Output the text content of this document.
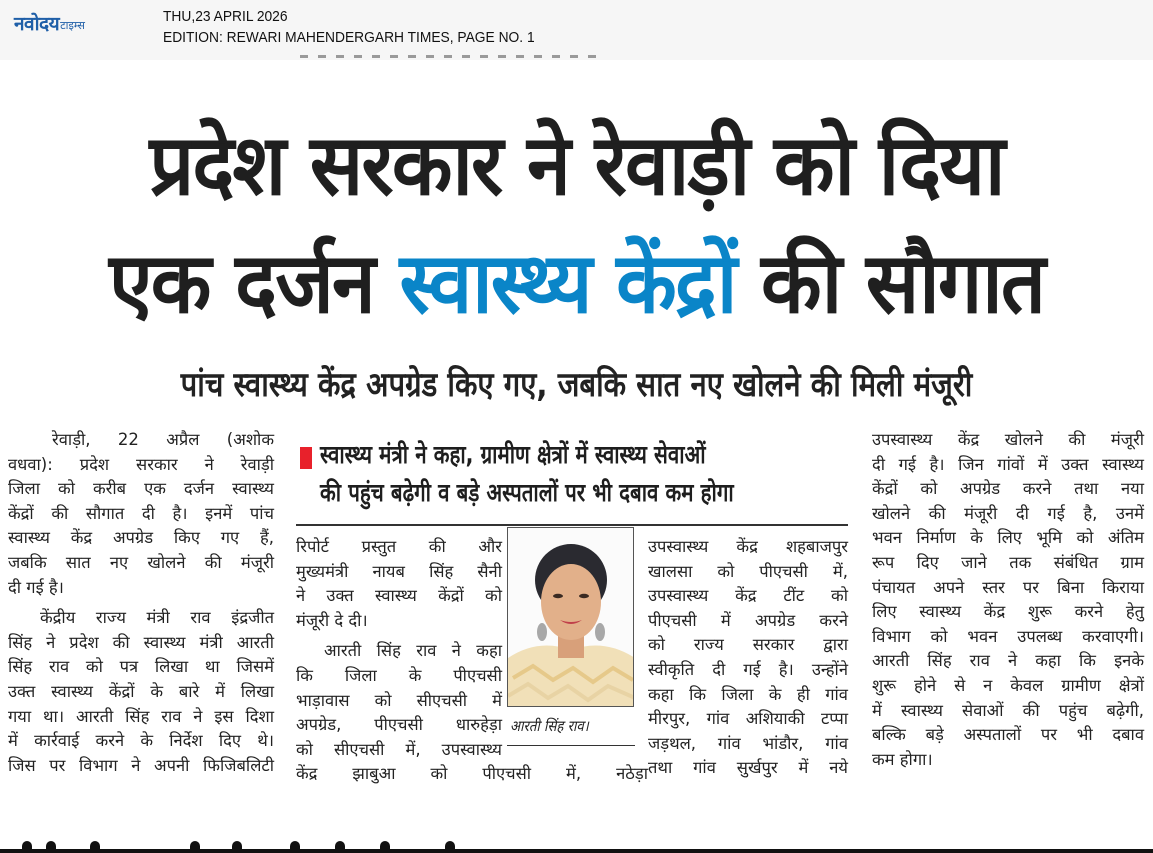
नवोदय टाइम्स
THU,23 APRIL 2026
EDITION: REWARI MAHENDERGARH TIMES, PAGE NO. 1
प्रदेश सरकार ने रेवाड़ी को दिया
एक दर्जन स्वास्थ्य केंद्रों की सौगात
पांच स्वास्थ्य केंद्र अपग्रेड किए गए, जबकि सात नए खोलने की मिली मंजूरी
रेवाड़ी, 22 अप्रैल (अशोक
वधवा): प्रदेश सरकार ने रेवाड़ी
जिला को करीब एक दर्जन स्वास्थ्य
केंद्रों की सौगात दी है। इनमें पांच
स्वास्थ्य केंद्र अपग्रेड किए गए हैं,
जबकि सात नए खोलने की मंजूरी
दी गई है।
केंद्रीय राज्य मंत्री राव इंद्रजीत
सिंह ने प्रदेश की स्वास्थ्य मंत्री आरती
सिंह राव को पत्र लिखा था जिसमें
उक्त स्वास्थ्य केंद्रों के बारे में लिखा
गया था। आरती सिंह राव ने इस दिशा
में कार्रवाई करने के निर्देश दिए थे।
जिस पर विभाग ने अपनी फिजिबलिटी
स्वास्थ्य मंत्री ने कहा, ग्रामीण क्षेत्रों में स्वास्थ्य सेवाओं
की पहुंच बढ़ेगी व बड़े अस्पतालों पर भी दबाव कम होगा
रिपोर्ट प्रस्तुत की और
मुख्यमंत्री नायब सिंह सैनी
ने उक्त स्वास्थ्य केंद्रों को
मंजूरी दे दी।
आरती सिंह राव ने कहा
कि जिला के पीएचसी
भाड़ावास को सीएचसी में
अपग्रेड, पीएचसी धारुहेड़ा
को सीएचसी में, उपस्वास्थ्य
केंद्र झाबुआ को पीएचसी में, नठेड़ा
आरती सिंह राव।
उपस्वास्थ्य केंद्र शहबाजपुर
खालसा को पीएचसी में,
उपस्वास्थ्य केंद्र टींट को
पीएचसी में अपग्रेड करने
को राज्य सरकार द्वारा
स्वीकृति दी गई है। उन्होंने
कहा कि जिला के ही गांव
मीरपुर, गांव अशियाकी टप्पा
जड़थल, गांव भांडौर, गांव
तथा गांव सुर्खपुर में नये
उपस्वास्थ्य केंद्र खोलने की मंजूरी
दी गई है। जिन गांवों में उक्त स्वास्थ्य
केंद्रों को अपग्रेड करने तथा नया
खोलने की मंजूरी दी गई है, उनमें
भवन निर्माण के लिए भूमि को अंतिम
रूप दिए जाने तक संबंधित ग्राम
पंचायत अपने स्तर पर बिना किराया
लिए स्वास्थ्य केंद्र शुरू करने हेतु
विभाग को भवन उपलब्ध करवाएगी।
आरती सिंह राव ने कहा कि इनके
शुरू होने से न केवल ग्रामीण क्षेत्रों
में स्वास्थ्य सेवाओं की पहुंच बढ़ेगी,
बल्कि बड़े अस्पतालों पर भी दबाव
कम होगा।
